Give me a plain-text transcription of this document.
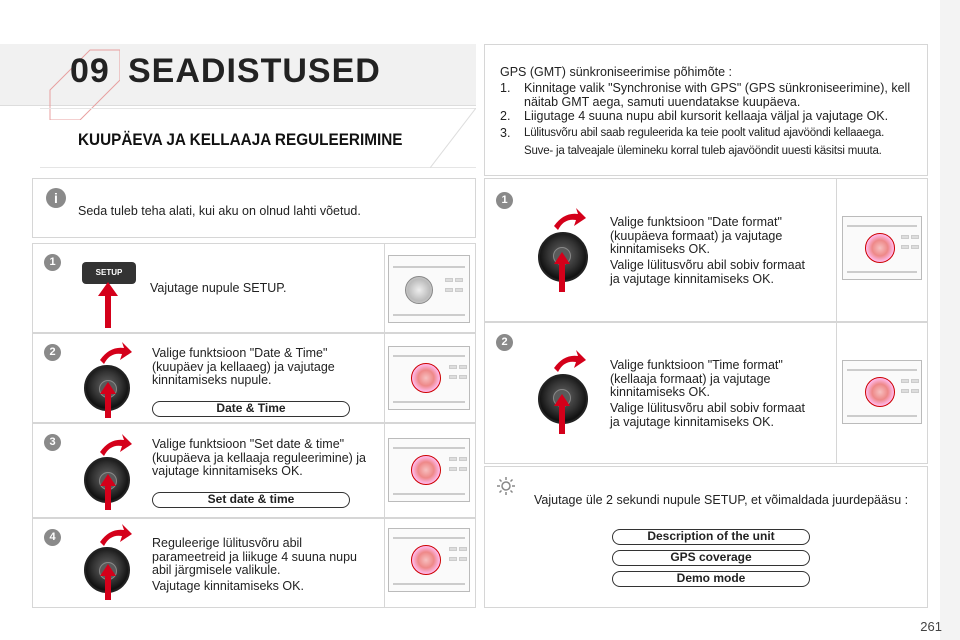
09 SEADISTUSED
KUUPÄEVA JA KELLAAJA REGULEERIMINE
i
Seda tuleb teha alati, kui aku on olnud lahti võetud.
1
SETUP
Vajutage nupule SETUP.
2	Valige funktsioon "Date & Time" (kuupäev ja kellaaeg) ja vajutage kinnitamiseks nupule.
Date & Time
3	Valige funktsioon "Set date & time" (kuupäeva ja kellaaja reguleerimine) ja vajutage kinnitamiseks OK.
Set date & time
4	Reguleerige lülitusvõru abil parameetreid ja liikuge 4 suuna nupu abil järgmisele valikule.
Vajutage kinnitamiseks OK.
GPS (GMT) sünkroniseerimise põhimõte :
1. Kinnitage valik "Synchronise with GPS" (GPS sünkroniseerimine), kell näitab GMT aega, samuti uuendatakse kuupäeva.
2. Liigutage 4 suuna nupu abil kursorit kellaaja väljal ja vajutage OK.
3. Lülitusvõru abil saab reguleerida ka teie poolt valitud ajavööndi kellaaega.
Suve- ja talveajale ülemineku korral tuleb ajavööndit uuesti käsitsi muuta.
1
Valige funktsioon "Date format" (kuupäeva formaat) ja vajutage kinnitamiseks OK.
Valige lülitusvõru abil sobiv formaat ja vajutage kinnitamiseks OK.
2
Valige funktsioon "Time format" (kellaaja formaat) ja vajutage kinnitamiseks OK.
Valige lülitusvõru abil sobiv formaat ja vajutage kinnitamiseks OK.
Vajutage üle 2 sekundi nupule SETUP, et võimaldada juurdepääsu :
Description of the unit
GPS coverage
Demo mode
261
